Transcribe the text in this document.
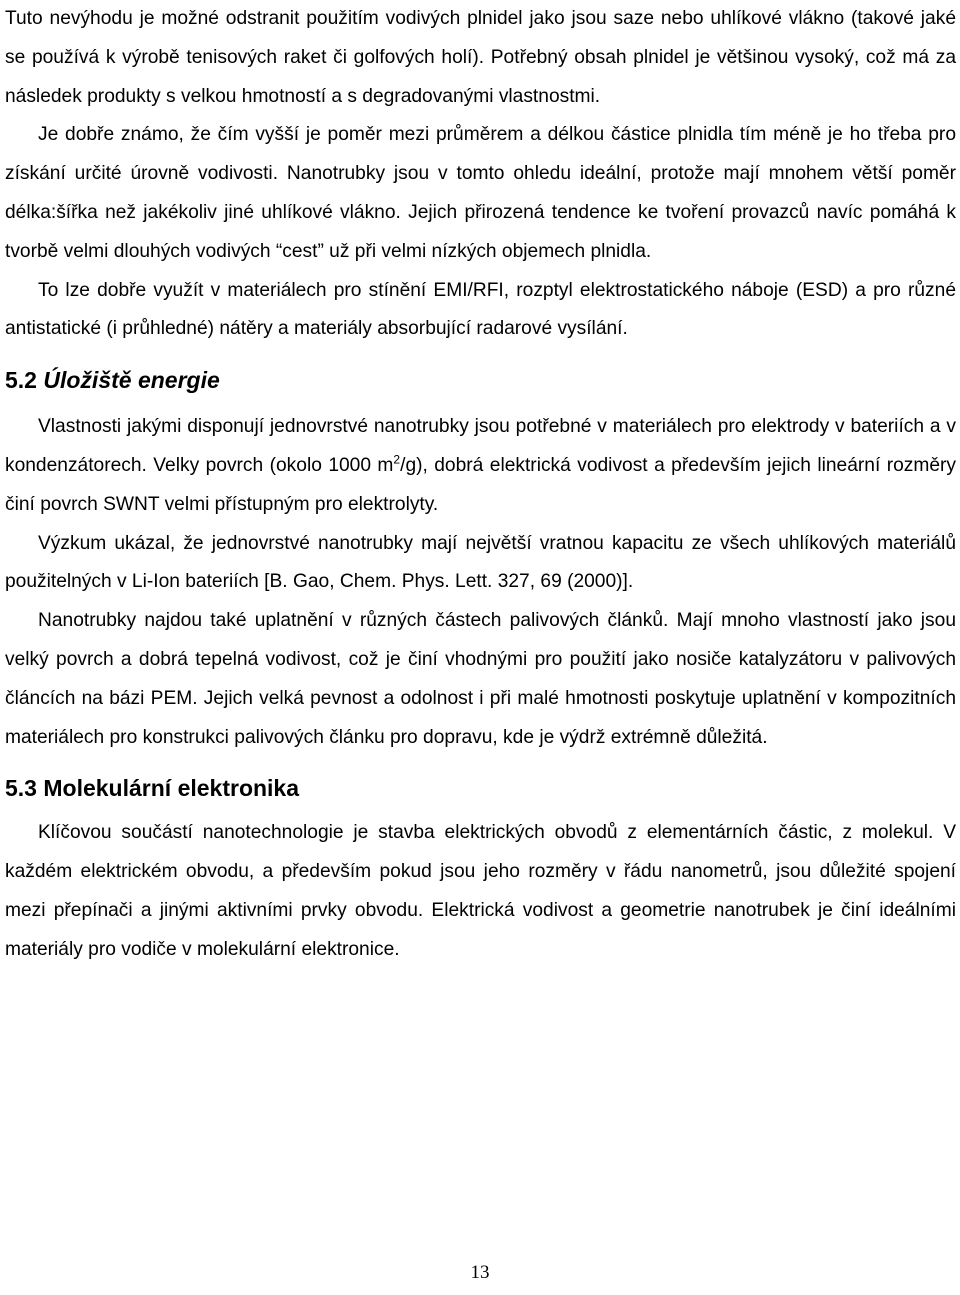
Tuto nevýhodu je možné odstranit použitím vodivých plnidel jako jsou saze nebo uhlíkové vlákno (takové jaké se používá k výrobě tenisových raket či golfových holí). Potřebný obsah plnidel je většinou vysoký, což má za následek produkty s velkou hmotností a s degradovanými vlastnostmi.

Je dobře známo, že čím vyšší je poměr mezi průměrem a délkou částice plnidla tím méně je ho třeba pro získání určité úrovně vodivosti. Nanotrubky jsou v tomto ohledu ideální, protože mají mnohem větší poměr délka:šířka než jakékoliv jiné uhlíkové vlákno. Jejich přirozená tendence ke tvoření provazců navíc pomáhá k tvorbě velmi dlouhých vodivých “cest” už při velmi nízkých objemech plnidla.

To lze dobře využít v materiálech pro stínění EMI/RFI, rozptyl elektrostatického náboje (ESD) a pro různé antistatické (i průhledné) nátěry a materiály absorbující radarové vysílání.

5.2 Úložiště energie

Vlastnosti jakými disponují jednovrstvé nanotrubky jsou potřebné v materiálech pro elektrody v bateriích a v kondenzátorech. Velky povrch (okolo 1000 $m^2/g$), dobrá elektrická vodivost a především jejich lineární rozměry činí povrch SWNT velmi přístupným pro elektrolyty.

Výzkum ukázal, že jednovrstvé nanotrubky mají největší vratnou kapacitu ze všech uhlíkových materiálů použitelných v Li-Ion bateriích [B. Gao, Chem. Phys. Lett. 327, 69 (2000)].

Nanotrubky najdou také uplatnění v různých částech palivových článků. Mají mnoho vlastností jako jsou velký povrch a dobrá tepelná vodivost, což je činí vhodnými pro použití jako nosiče katalyzátoru v palivových článcích na bázi PEM. Jejich velká pevnost a odolnost i při malé hmotnosti poskytuje uplatnění v kompozitních materiálech pro konstrukci palivových článku pro dopravu, kde je výdrž extrémně důležitá.

5.3 Molekulární elektronika

Klíčovou součástí nanotechnologie je stavba elektrických obvodů z elementárních částic, z molekul. V každém elektrickém obvodu, a především pokud jsou jeho rozměry v řádu nanometrů, jsou důležité spojení mezi přepínači a jinými aktivními prvky obvodu. Elektrická vodivost a geometrie nanotrubek je činí ideálními materiály pro vodiče v molekulární elektronice.

13
